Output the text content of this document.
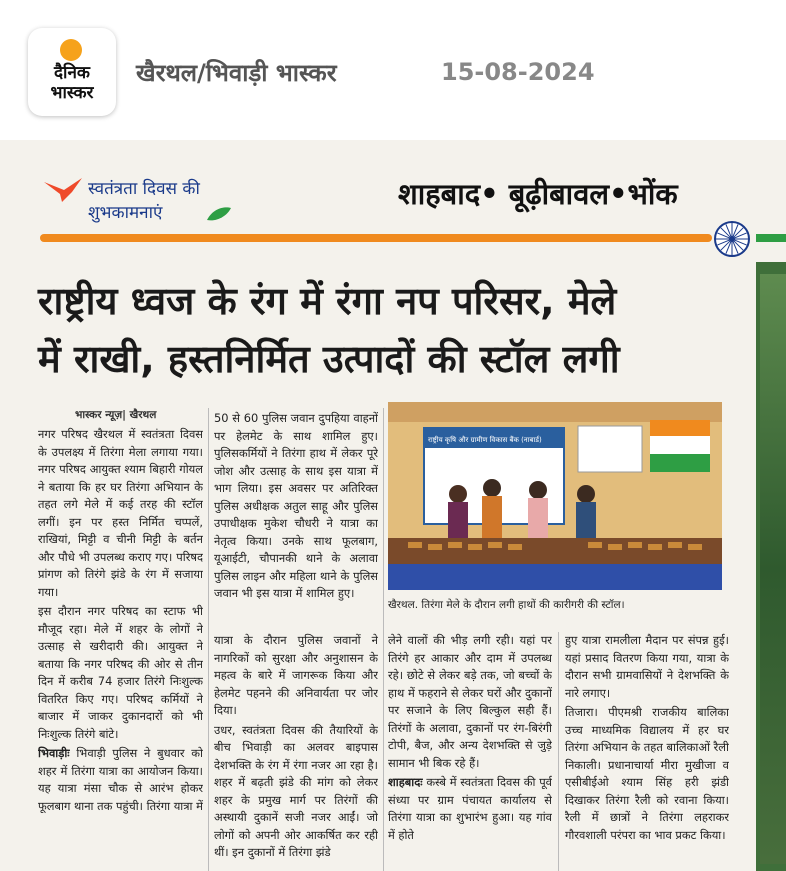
दैनिक
भास्कर
खैरथल/भिवाड़ी भास्कर	15-08-2024
स्वतंत्रता दिवस की
शुभकामनाएं
शाहबाद• बूढ़ीबावल•भोंक
राष्ट्रीय ध्वज के रंग में रंगा नप परिसर, मेले
में राखी, हस्तनिर्मित उत्पादों की स्टॉल लगी
भास्कर न्यूज़| खैरथल

नगर परिषद खैरथल में स्वतंत्रता दिवस के उपलक्ष्य में तिरंगा मेला लगाया गया। नगर परिषद आयुक्त श्याम बिहारी गोयल ने बताया कि हर घर तिरंगा अभियान के तहत लगे मेले में कई तरह की स्टॉल लगीं। इन पर हस्त निर्मित चप्पलें, राखियां, मिट्टी व चीनी मिट्टी के बर्तन और पौधे भी उपलब्ध कराए गए। परिषद प्रांगण को तिरंगे झंडे के रंग में सजाया गया।

इस दौरान नगर परिषद का स्टाफ भी मौजूद रहा। मेले में शहर के लोगों ने उत्साह से खरीदारी की। आयुक्त ने बताया कि नगर परिषद की ओर से तीन दिन में करीब 74 हजार तिरंगे निःशुल्क वितरित किए गए। परिषद कर्मियों ने बाजार में जाकर दुकानदारों को भी निःशुल्क तिरंगे बांटे।

भिवाड़ीः भिवाड़ी पुलिस ने बुधवार को शहर में तिरंगा यात्रा का आयोजन किया। यह यात्रा मंसा चौक से आरंभ होकर फूलबाग थाना तक पहुंची। तिरंगा यात्रा में

50 से 60 पुलिस जवान दुपहिया वाहनों पर हेलमेट के साथ शामिल हुए। पुलिसकर्मियों ने तिरंगा हाथ में लेकर पूरे जोश और उत्साह के साथ इस यात्रा में भाग लिया। इस अवसर पर अतिरिक्त पुलिस अधीक्षक अतुल साहू और पुलिस उपाधीक्षक मुकेश चौधरी ने यात्रा का नेतृत्व किया। उनके साथ फूलबाग, यूआईटी, चौपानकी थाने के अलावा पुलिस लाइन और महिला थाने के पुलिस जवान भी इस यात्रा में शामिल हुए।

यात्रा के दौरान पुलिस जवानों ने नागरिकों को सुरक्षा और अनुशासन के महत्व के बारे में जागरूक किया और हेलमेट पहनने की अनिवार्यता पर जोर दिया।

उधर, स्वतंत्रता दिवस की तैयारियों के बीच भिवाड़ी का अलवर बाइपास देशभक्ति के रंग में रंगा नजर आ रहा है। शहर में बढ़ती झंडे की मांग को लेकर शहर के प्रमुख मार्ग पर तिरंगों की अस्थायी दुकानें सजी नजर आईं। जो लोगों को अपनी ओर आकर्षित कर रही थीं। इन दुकानों में तिरंगा झंडे

राष्ट्रीय कृषि और ग्रामीण विकास बैंक (नाबार्ड)
खैरथल. तिरंगा मेले के दौरान लगी हाथों की कारीगरी की स्टॉल।

लेने वालों की भीड़ लगी रही। यहां पर तिरंगे हर आकार और दाम में उपलब्ध रहे। छोटे से लेकर बड़े तक, जो बच्चों के हाथ में फहराने से लेकर घरों और दुकानों पर सजाने के लिए बिल्कुल सही हैं। तिरंगों के अलावा, दुकानों पर रंग-बिरंगी टोपी, बैज, और अन्य देशभक्ति से जुड़े सामान भी बिक रहे हैं।

शाहबादः कस्बे में स्वतंत्रता दिवस की पूर्व संध्या पर ग्राम पंचायत कार्यालय से तिरंगा यात्रा का शुभारंभ हुआ। यह गांव में होते

हुए यात्रा रामलीला मैदान पर संपन्न हुई। यहां प्रसाद वितरण किया गया, यात्रा के दौरान सभी ग्रामवासियों ने देशभक्ति के नारे लगाए।

तिजारा। पीएमश्री राजकीय बालिका उच्च माध्यमिक विद्यालय में हर घर तिरंगा अभियान के तहत बालिकाओं रैली निकाली। प्रधानाचार्या मीरा मुखीजा व एसीबीईओ श्याम सिंह हरी झंडी दिखाकर तिरंगा रैली को रवाना किया। रैली में छात्रों ने तिरंगा लहराकर गौरवशाली परंपरा का भाव प्रकट किया।
